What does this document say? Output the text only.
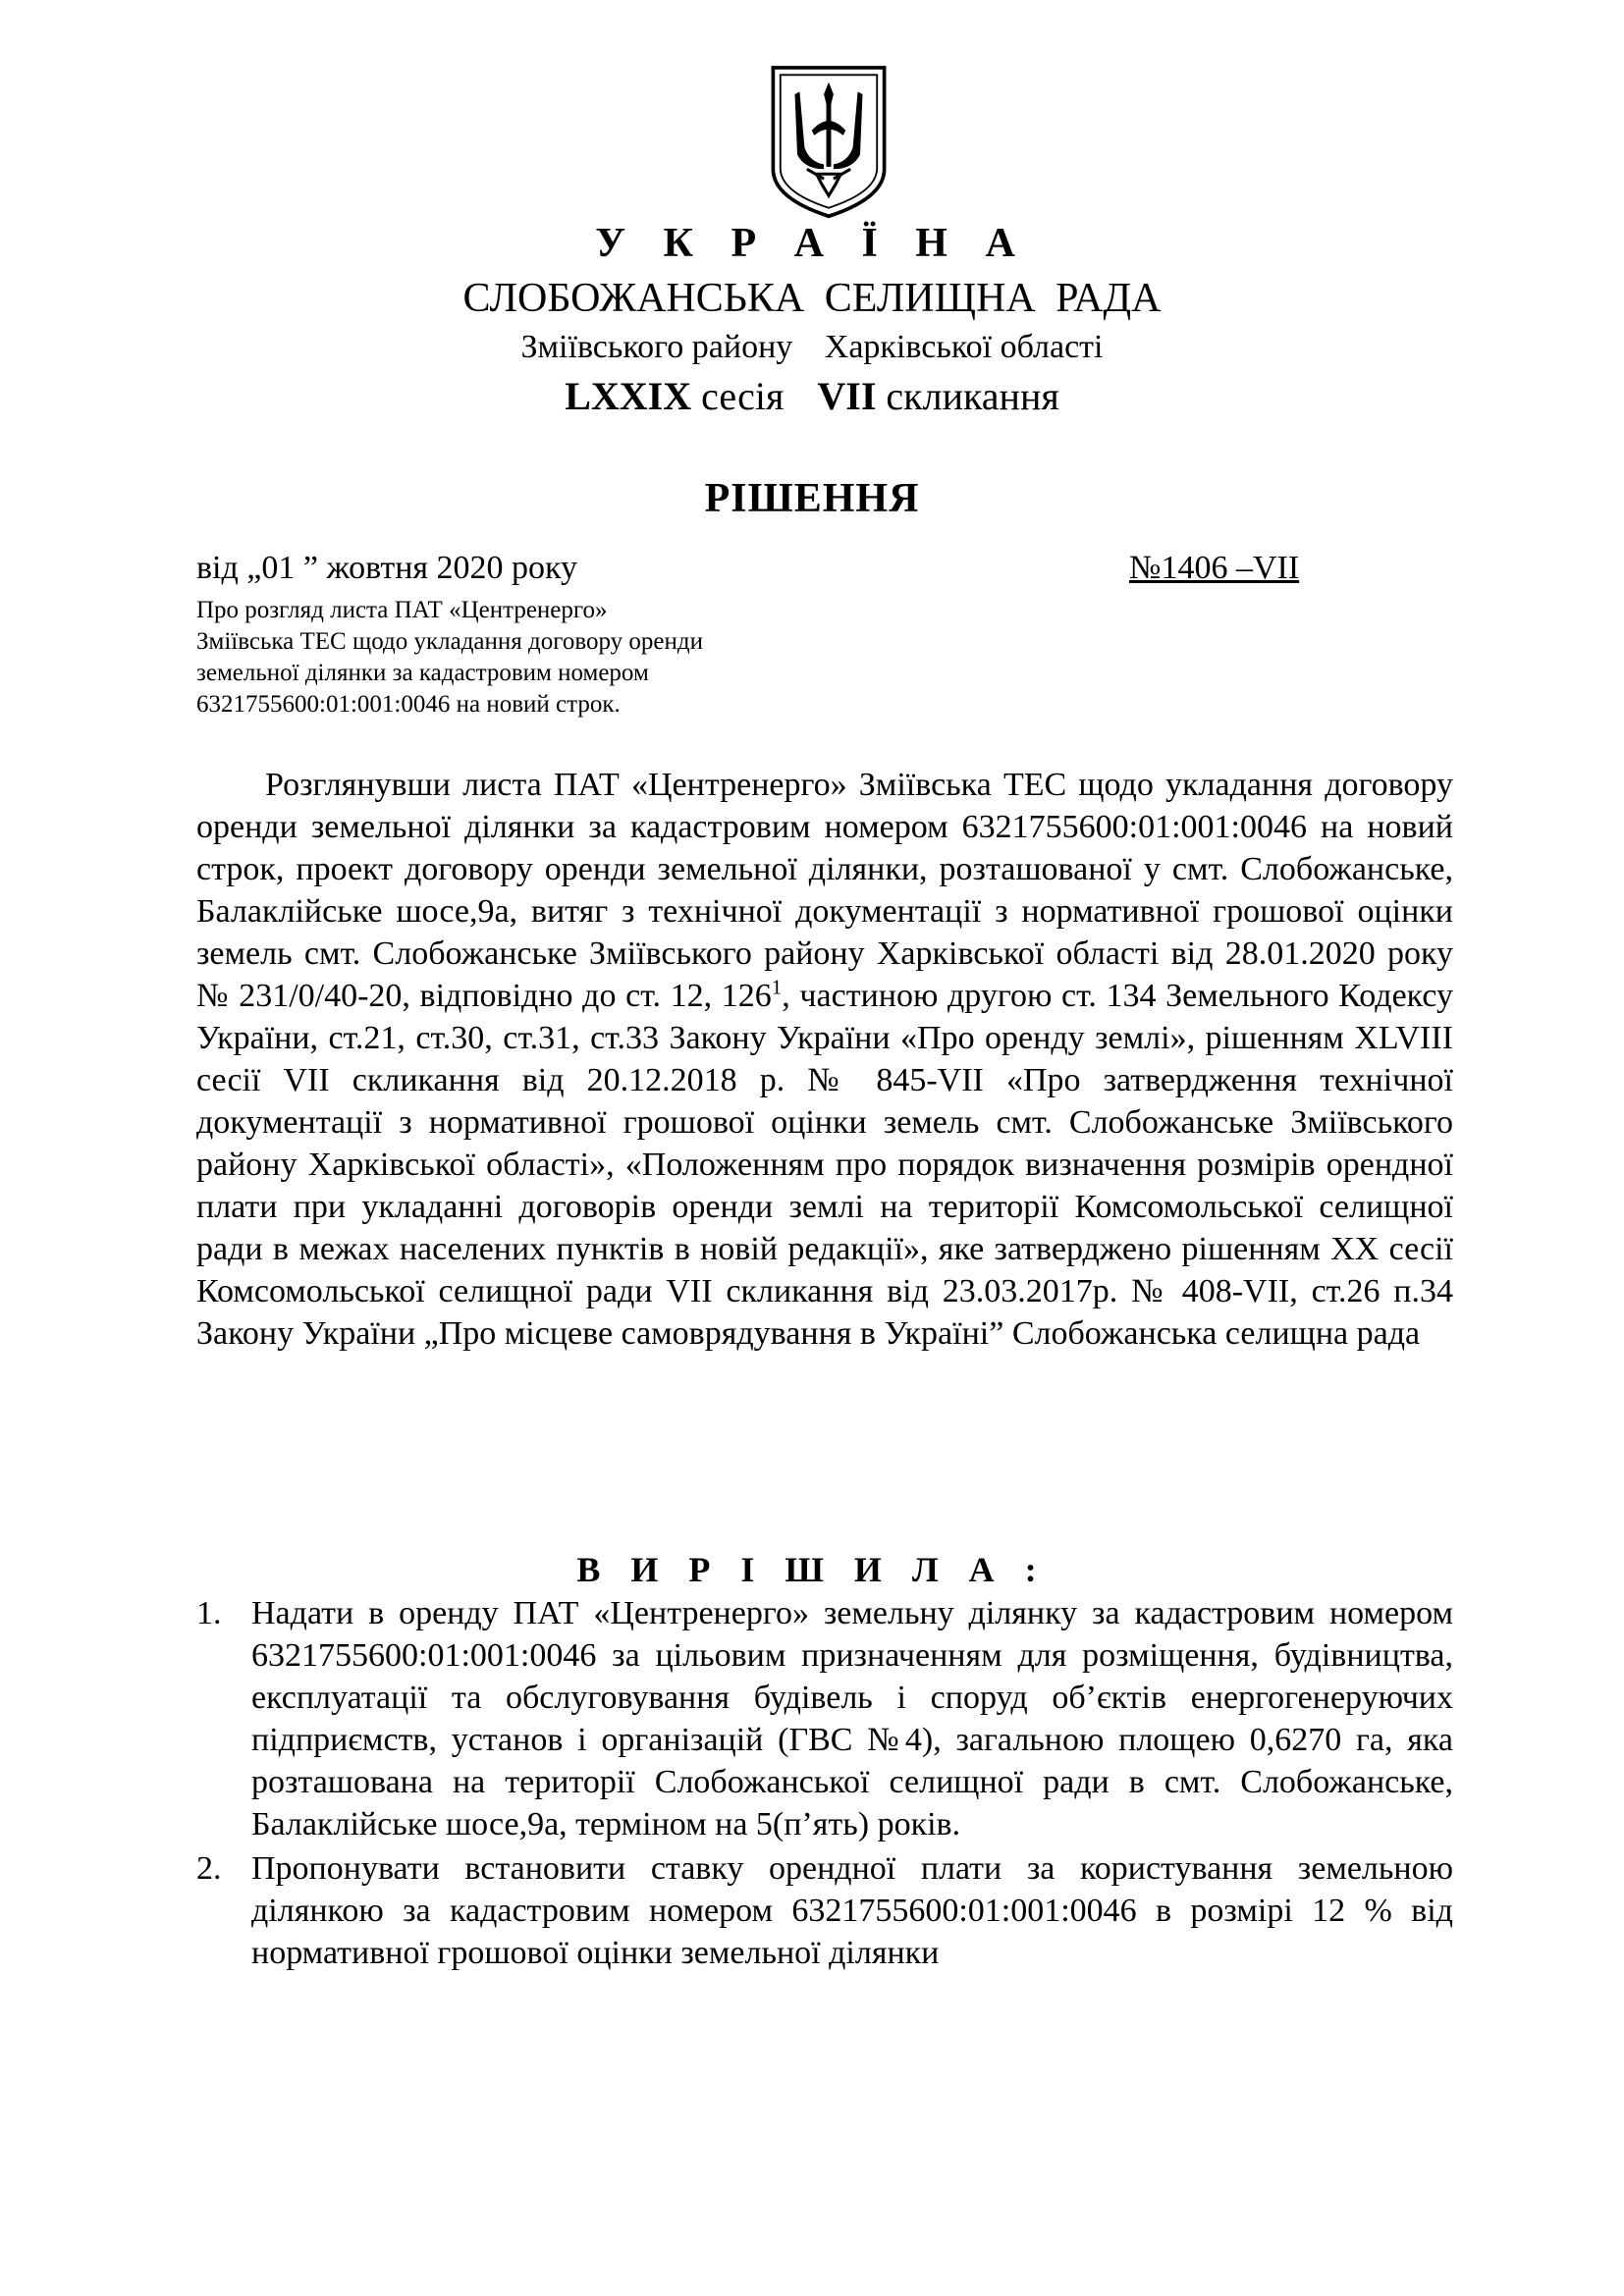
У К Р А Ї Н А
СЛОБОЖАНСЬКА СЕЛИЩНА РАДА
Зміївського району Харківської області
LXXIX сесія VII скликання
РІШЕННЯ
від „01 ” жовтня 2020 року	№1406 –VII
Про розгляд листа ПАТ «Центренерго»
Зміївська ТЕС щодо укладання договору оренди
земельної ділянки за кадастровим номером
6321755600:01:001:0046 на новий строк.

Розглянувши листа ПАТ «Центренерго» Зміївська ТЕС щодо укладання договору оренди земельної ділянки за кадастровим номером 6321755600:01:001:0046 на новий строк, проект договору оренди земельної ділянки, розташованої у смт. Слобожанське, Балаклійське шосе,9а, витяг з технічної документації з нормативної грошової оцінки земель смт. Слобожанське Зміївського району Харківської області від 28.01.2020 року № 231/0/40-20, відповідно до ст. 12, $126^1$, частиною другою ст. 134 Земельного Кодексу України, ст.21, ст.30, ст.31, ст.33 Закону України «Про оренду землі», рішенням XLVIII сесії VII скликання від 20.12.2018 р. № 845-VII «Про затвердження технічної документації з нормативної грошової оцінки земель смт. Слобожанське Зміївського району Харківської області», «Положенням про порядок визначення розмірів орендної плати при укладанні договорів оренди землі на території Комсомольської селищної ради в межах населених пунктів в новій редакції», яке затверджено рішенням XX сесії Комсомольської селищної ради VII скликання від 23.03.2017р. № 408-VII, ст.26 п.34 Закону України „Про місцеве самоврядування в Україні” Слобожанська селищна рада

В И Р І Ш И Л А :
1. Надати в оренду ПАТ «Центренерго» земельну ділянку за кадастровим номером 6321755600:01:001:0046 за цільовим призначенням для розміщення, будівництва, експлуатації та обслуговування будівель і споруд об’єктів енергогенеруючих підприємств, установ і організацій (ГВС №4), загальною площею 0,6270 га, яка розташована на території Слобожанської селищної ради в смт. Слобожанське, Балаклійське шосе,9а, терміном на 5(п’ять) років.
2. Пропонувати встановити ставку орендної плати за користування земельною ділянкою за кадастровим номером 6321755600:01:001:0046 в розмірі 12 % від нормативної грошової оцінки земельної ділянки
